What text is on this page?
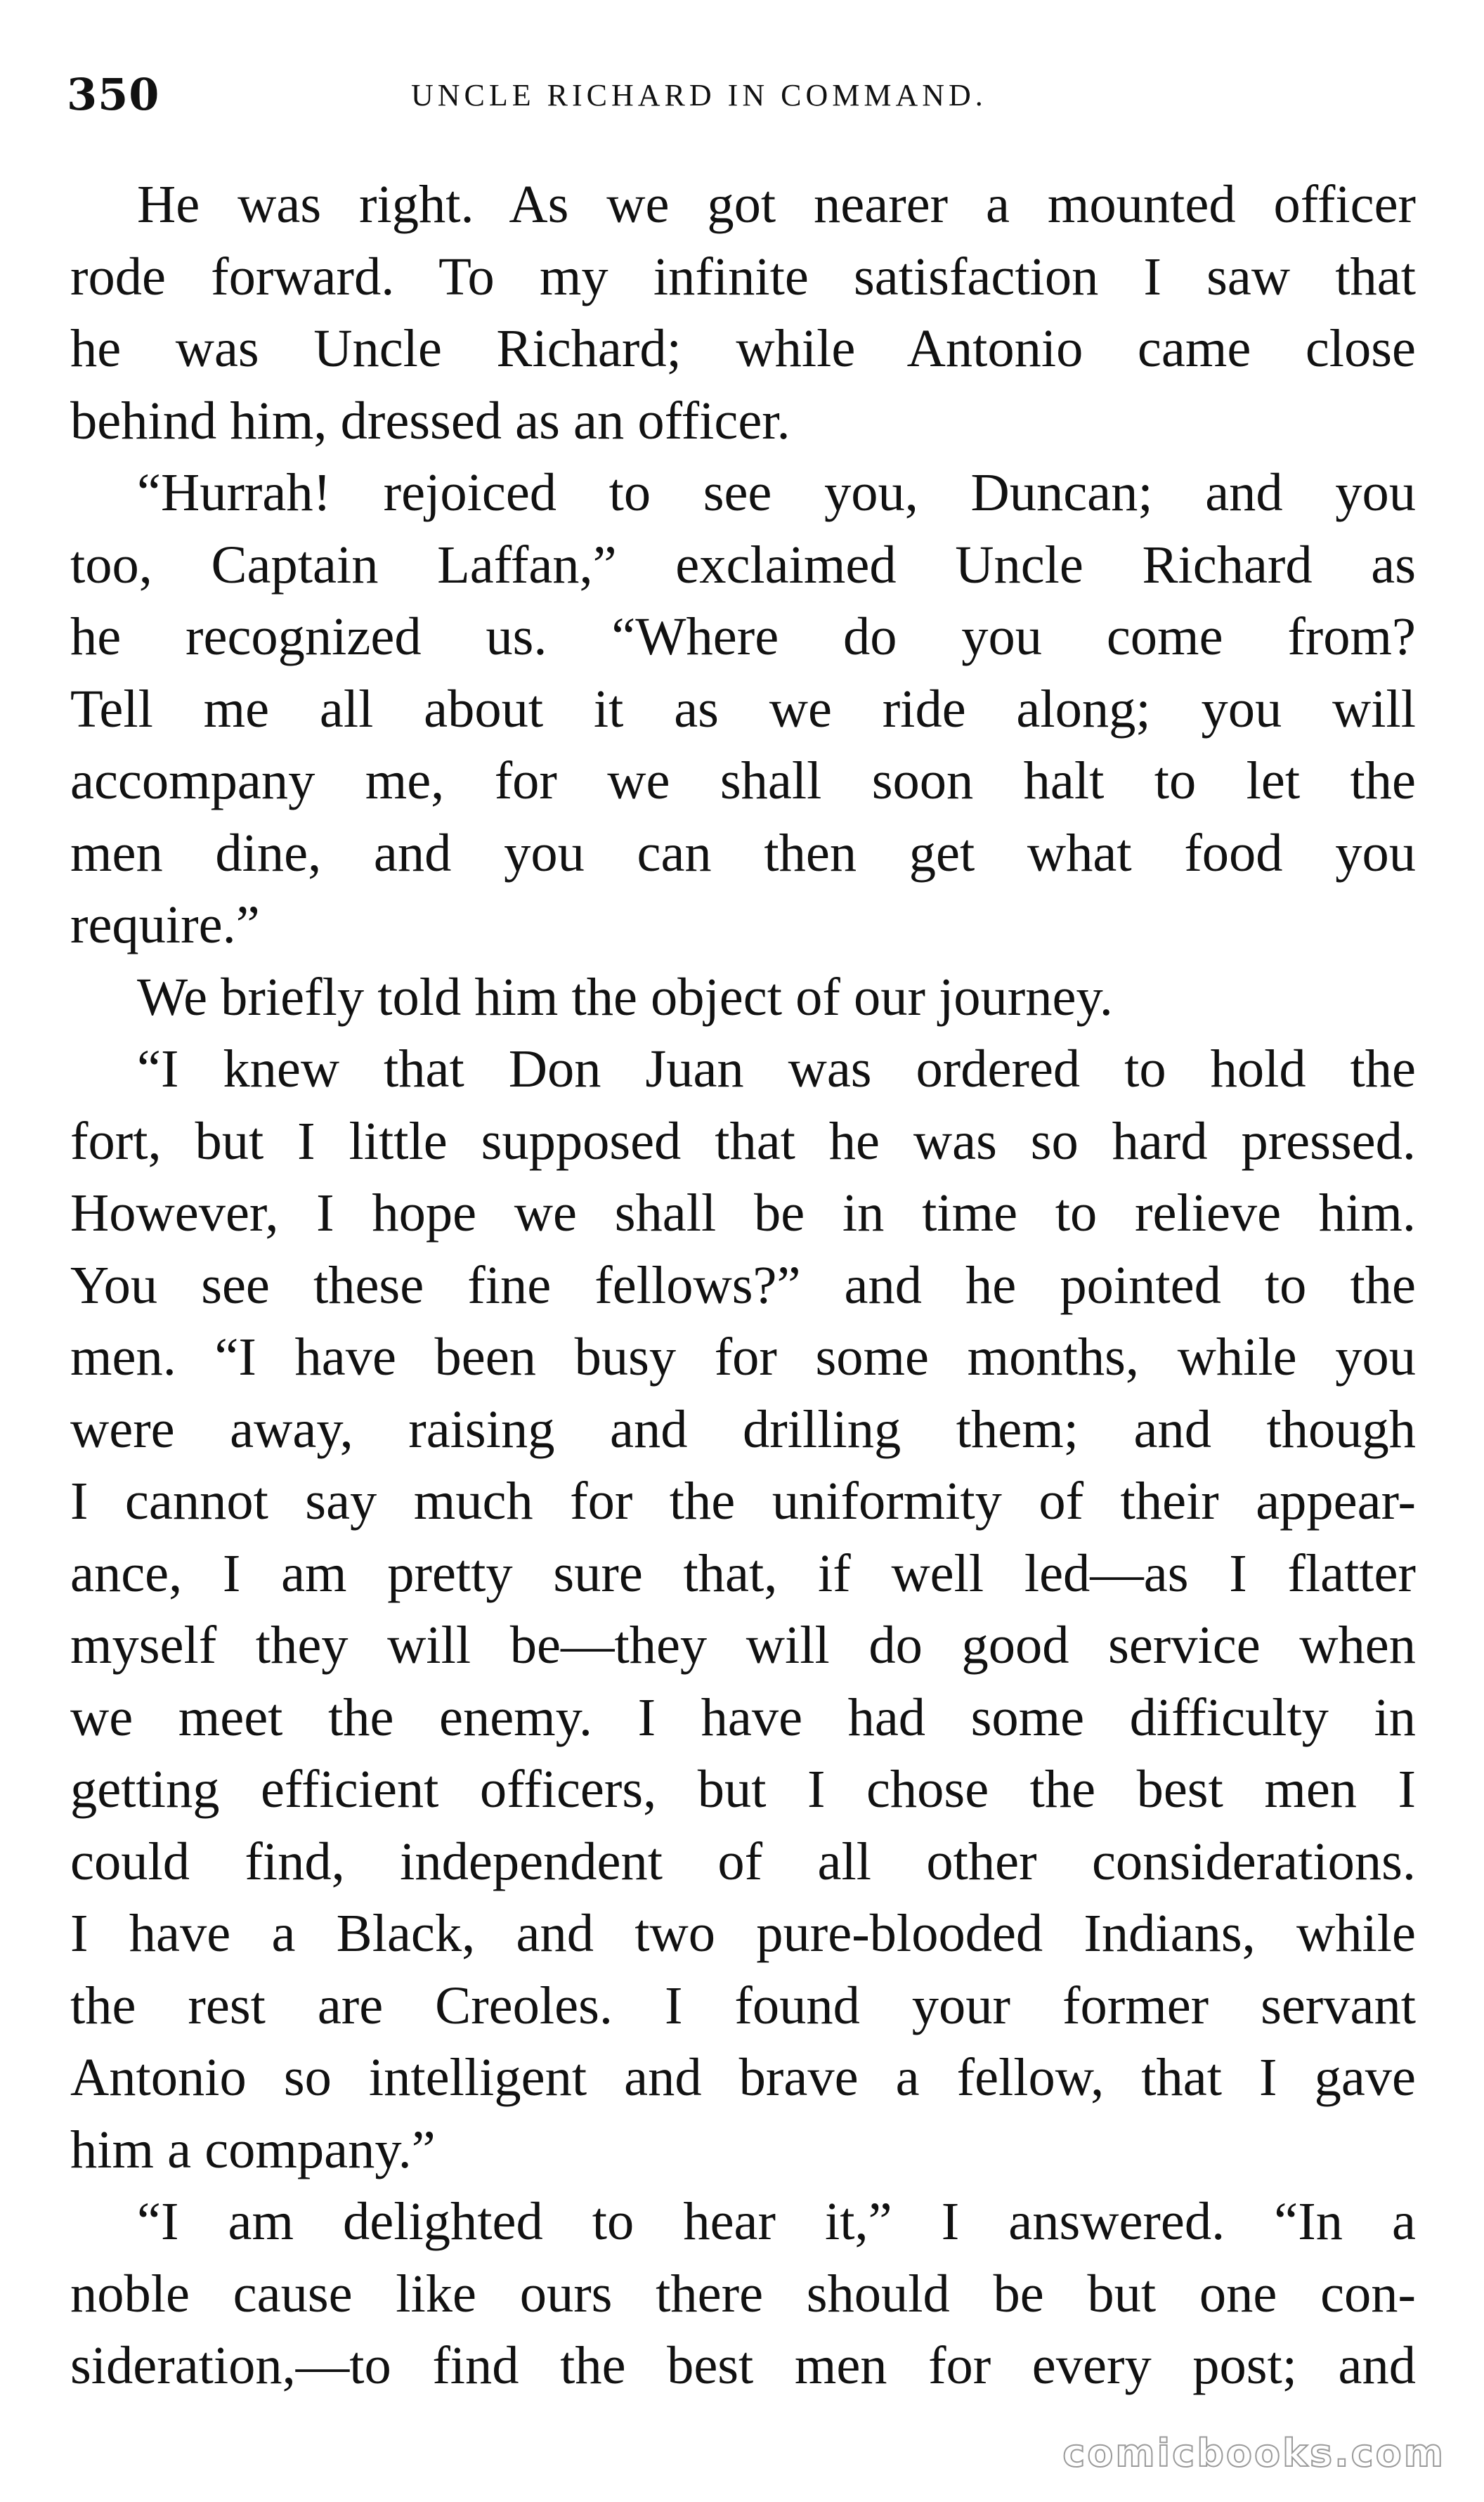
350	UNCLE RICHARD IN COMMAND.
He was right. As we got nearer a mounted officer
rode forward. To my infinite satisfaction I saw that
he was Uncle Richard; while Antonio came close
behind him, dressed as an officer.
“Hurrah! rejoiced to see you, Duncan; and you
too, Captain Laffan,” exclaimed Uncle Richard as
he recognized us. “Where do you come from?
Tell me all about it as we ride along; you will
accompany me, for we shall soon halt to let the
men dine, and you can then get what food you
require.”
We briefly told him the object of our journey.
“I knew that Don Juan was ordered to hold the
fort, but I little supposed that he was so hard pressed.
However, I hope we shall be in time to relieve him.
You see these fine fellows?” and he pointed to the
men. “I have been busy for some months, while you
were away, raising and drilling them; and though
I cannot say much for the uniformity of their appear-
ance, I am pretty sure that, if well led—as I flatter
myself they will be—they will do good service when
we meet the enemy. I have had some difficulty in
getting efficient officers, but I chose the best men I
could find, independent of all other considerations.
I have a Black, and two pure-blooded Indians, while
the rest are Creoles. I found your former servant
Antonio so intelligent and brave a fellow, that I gave
him a company.”
“I am delighted to hear it,” I answered. “In a
noble cause like ours there should be but one con-
sideration,—to find the best men for every post; and
comicbooks.com
